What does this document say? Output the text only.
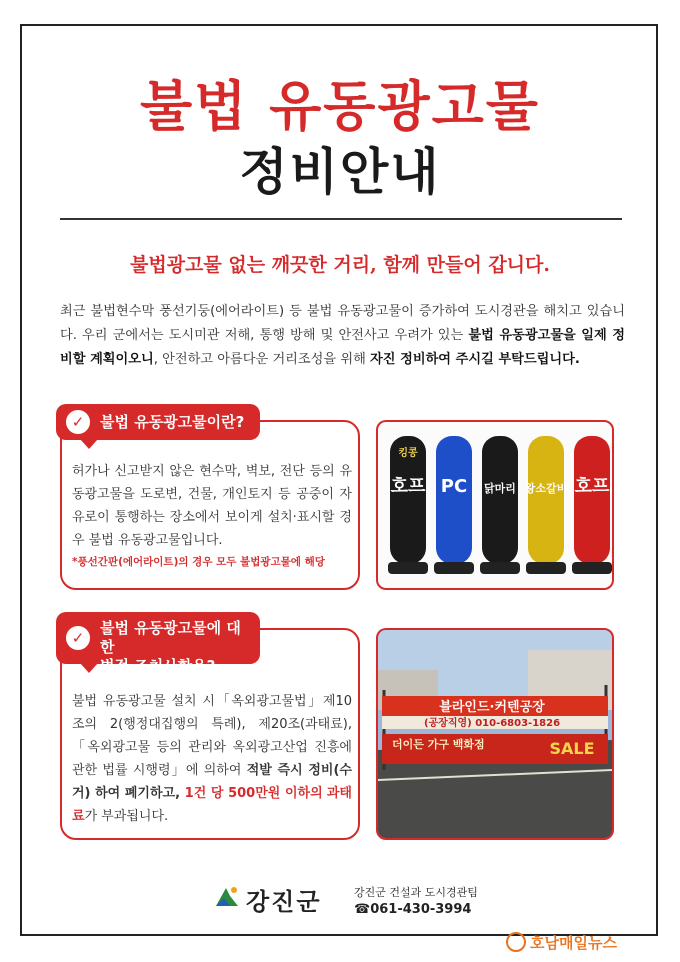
불법 유동광고물
정비안내
불법광고물 없는 깨끗한 거리, 함께 만들어 갑니다.
최근 불법현수막 풍선기둥(에어라이트) 등 불법 유동광고물이 증가하여 도시경관을 해치고 있습니다. 우리 군에서는 도시미관 저해, 통행 방해 및 안전사고 우려가 있는 불법 유동광고물을 일제 정비할 계획이오니, 안전하고 아름다운 거리조성을 위해 자진 정비하여 주시길 부탁드립니다.
✓	불법 유동광고물이란?
허가나 신고받지 않은 현수막, 벽보, 전단 등의 유동광고물을 도로변, 건물, 개인토지 등 공중이 자유로이 통행하는 장소에서 보이게 설치·표시할 경우 불법 유동광고물입니다.
*풍선간판(에어라이트)의 경우 모두 불법광고물에 해당
호프
킹콩
PC 닭마리 왕소갈비 호프
✓
불법 유동광고물에 대한
법적 조치사항은?
불법 유동광고물 설치 시「옥외광고물법」제10조의 2(행정대집행의 특례), 제20조(과태료), 「옥외광고물 등의 관리와 옥외광고산업 진흥에 관한 법률 시행령」에 의하여 적발 즉시 정비(수거) 하여 폐기하고, 1건 당 500만원 이하의 과태료가 부과됩니다.
블라인드·커텐공장
(공장직영) 010-6803-1826
더이든 가구 백화점	SALE
강진군	강진군 건설과 도시경관팀
☎061-430-3994
호남매일뉴스
